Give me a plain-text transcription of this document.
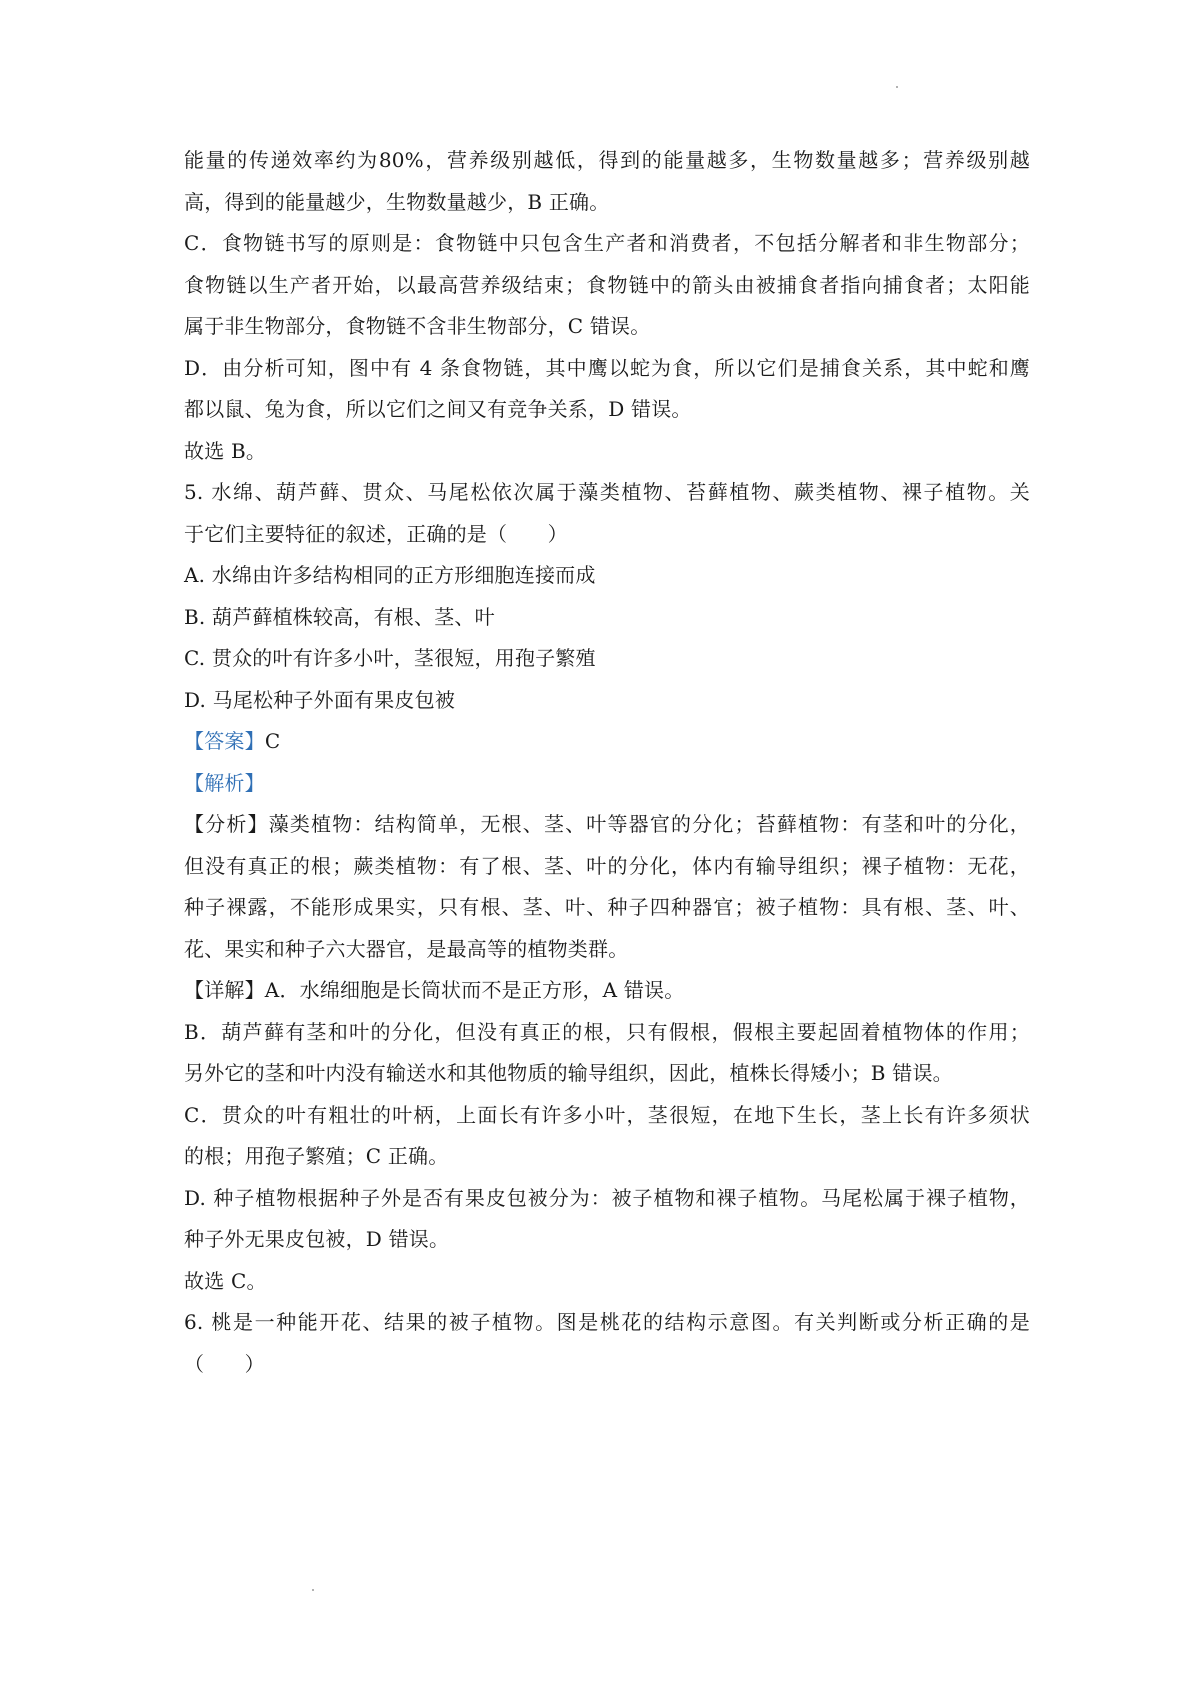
能量的传递效率约为80%，营养级别越低，得到的能量越多，生物数量越多；营养级别越
高，得到的能量越少，生物数量越少，B 正确。
C．食物链书写的原则是：食物链中只包含生产者和消费者，不包括分解者和非生物部分；
食物链以生产者开始，以最高营养级结束；食物链中的箭头由被捕食者指向捕食者；太阳能
属于非生物部分，食物链不含非生物部分，C 错误。
D．由分析可知，图中有 4 条食物链，其中鹰以蛇为食，所以它们是捕食关系，其中蛇和鹰
都以鼠、兔为食，所以它们之间又有竞争关系，D 错误。
故选 B。
5. 水绵、葫芦藓、贯众、马尾松依次属于藻类植物、苔藓植物、蕨类植物、裸子植物。关
于它们主要特征的叙述，正确的是（　　）
A. 水绵由许多结构相同的正方形细胞连接而成
B. 葫芦藓植株较高，有根、茎、叶
C. 贯众的叶有许多小叶，茎很短，用孢子繁殖
D. 马尾松种子外面有果皮包被
【答案】C
【解析】
【分析】藻类植物：结构简单，无根、茎、叶等器官的分化；苔藓植物：有茎和叶的分化，
但没有真正的根；蕨类植物：有了根、茎、叶的分化，体内有输导组织；裸子植物：无花，
种子裸露，不能形成果实，只有根、茎、叶、种子四种器官；被子植物：具有根、茎、叶、
花、果实和种子六大器官，是最高等的植物类群。
【详解】A．水绵细胞是长筒状而不是正方形，A 错误。
B．葫芦藓有茎和叶的分化，但没有真正的根，只有假根，假根主要起固着植物体的作用；
另外它的茎和叶内没有输送水和其他物质的输导组织，因此，植株长得矮小；B 错误。
C．贯众的叶有粗壮的叶柄，上面长有许多小叶，茎很短，在地下生长，茎上长有许多须状
的根；用孢子繁殖；C 正确。
D. 种子植物根据种子外是否有果皮包被分为：被子植物和裸子植物。马尾松属于裸子植物，
种子外无果皮包被，D 错误。
故选 C。
6. 桃是一种能开花、结果的被子植物。图是桃花的结构示意图。有关判断或分析正确的是
（　　）
